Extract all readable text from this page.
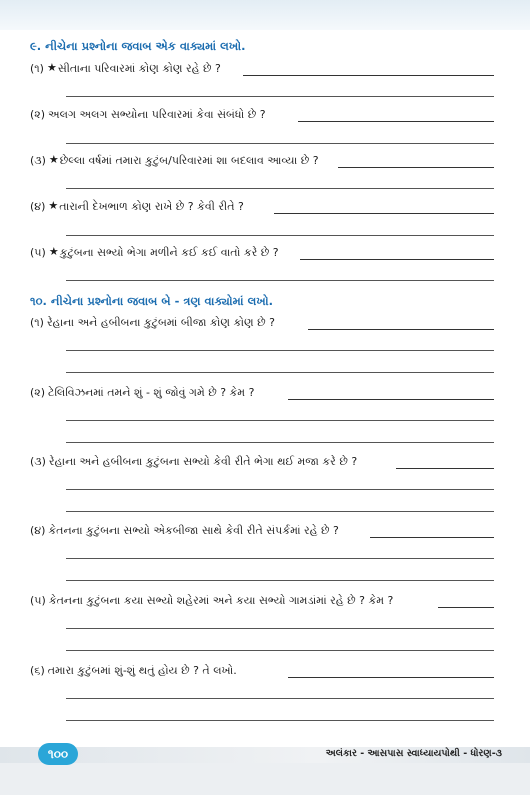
૯. નીચેના પ્રશ્નોના જવાબ એક વાક્યમાં લખો.
(૧) ★ સીતાના પરિવારમાં કોણ કોણ રહે છે ?
(૨) અલગ અલગ સભ્યોના પરિવારમાં કેવા સંબંધો છે ?
(૩) ★ છેલ્લા વર્ષમાં તમારા કુટુંબ/પરિવારમાં શા બદલાવ આવ્યા છે ?
(૪) ★ તારાની દેખભાળ કોણ રાખે છે ? કેવી રીતે ?
(૫) ★ કુટુંબના સભ્યો ભેગા મળીને કઈ કઈ વાતો કરે છે ?
૧૦. નીચેના પ્રશ્નોના જવાબ બે - ત્રણ વાક્યોમાં લખો.
(૧) રેહાના અને હબીબના કુટુંબમાં બીજા કોણ કોણ છે ?
(૨) ટેલિવિઝનમાં તમને શું - શું જોવું ગમે છે ? કેમ ?
(૩) રેહાના અને હબીબના કુટુંબના સભ્યો કેવી રીતે ભેગા થઈ મજા કરે છે ?
(૪) કેતનના કુટુંબના સભ્યો એકબીજા સાથે કેવી રીતે સંપર્કમાં રહે છે ?
(૫) કેતનના કુટુંબના કયા સભ્યો શહેરમાં અને કયા સભ્યો ગામડાંમાં રહે છે ? કેમ ?
(૬) તમારા કુટુંબમાં શું-શું થતું હોય છે ? તે લખો.
૧૦૦	અલંકાર - આસપાસ સ્વાધ્યાયપોથી - ધોરણ-૩
